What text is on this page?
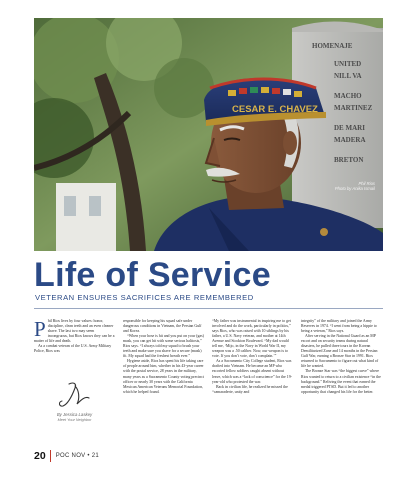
HOMENAJE
UNITED
NILL VA
MACHO
MARTINEZ
DE MARI
MADERA
BRETON
CESAR E. CHAVEZ
Phil Rios
Photo by Anika Ismail
Life of Service
VETERAN ENSURES SACRIFICES ARE REMEMBERED

Phil Rios lives by four values: honor, discipline, clean teeth and an even cleaner shave. The last two may seem incongruous, but Rios knows they can be a matter of life and death.

As a combat veteran of the U.S. Army Military Police, Rios was

By Jessica Laskey
Meet Your Neighbor

responsible for keeping his squad safe under dangerous conditions in Vietnam, the Persian Gulf and Korea.

“When your hose is hit and you put on your (gas) mask, you can get hit with some serious halitosis,” Rios says. “I always told my squad to brush your teeth and make sure you shave for a secure (mask) fit. My squad had the freshest breath ever.”

Hygiene aside, Rios has spent his life taking care of people around him, whether in his 43-year career with the postal service, 28 years in the military, many years as a Sacramento County voting precinct officer or nearly 30 years with the California Mexican American Veterans Memorial Foundation, which he helped found.

“My father was instrumental in inspiring me to get involved and do the work, particularly in politics,” says Rios, who was raised with 10 siblings by his father, a U.S. Navy veteran, and mother at 14th Avenue and Stockton Boulevard. “My dad would tell me, ‘Mijo, in the Navy in World War II, my weapon was a .50 caliber. Now, our weapon is to vote. If you don’t vote, don’t complain.’”

As a Sacramento City College student, Rios was drafted into Vietnam. He became an MP who escorted fellow soldiers caught absent without leave, which was a “lack of conscience” for the 19-year-old who protested the war.

Back in civilian life, he realized he missed the “camaraderie, unity and

integrity” of the military and joined the Army Reserves in 1974. “I went from being a hippie to being a veteran,” Rios says.

After serving in the National Guard as an MP escort and on security teams during natural disasters, he pulled three tours in the Korean Demilitarized Zone and 14 months in the Persian Gulf War, earning a Bronze Star in 1991. Rios returned to Sacramento to figure out what kind of life he wanted.

The Bronze Star was “the biggest curve” where Rios wanted to return to a civilian existence “in the background.” Reliving the event that earned the medal triggered PTSD. But it led to another opportunity that changed his life for the better.

20 POC NOV • 21
